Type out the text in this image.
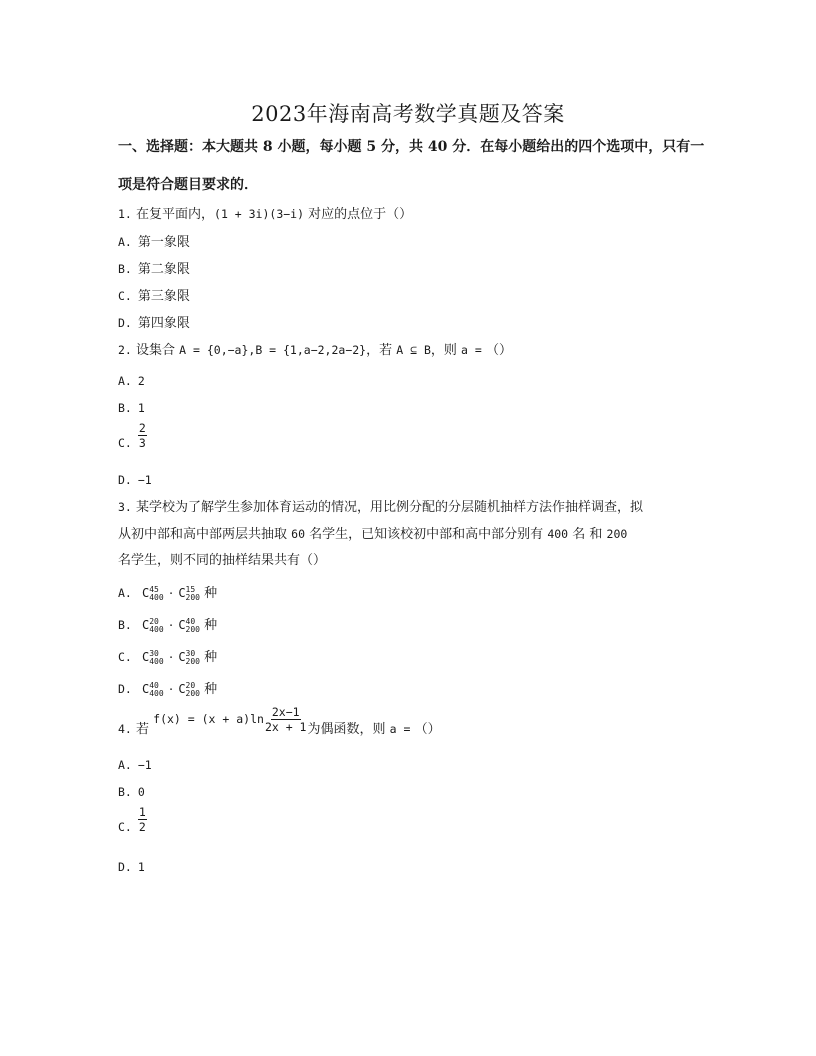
2023年海南高考数学真题及答案
一、选择题：本大题共 8 小题，每小题 5 分，共 40 分．在每小题给出的四个选项中，只有一项是符合题目要求的．
1. 在复平面内，(1 + 3i)(3−i) 对应的点位于（）
A. 第一象限
B. 第二象限
C. 第三象限
D. 第四象限
2. 设集合 A = {0,−a},B = {1,a−2,2a−2}，若 A ⊆ B，则 a = （）
A. 2
C. $\frac{2}{3}$
D. −1
3. 某学校为了解学生参加体育运动的情况，用比例分配的分层随机抽样方法作抽样调查，拟
从初中部和高中部两层共抽取 60 名学生，已知该校初中部和高中部分别有 400 名 和 200
名学生，则不同的抽样结果共有（）
A. C 45
400 · C 15
200 种
B. C 20
400 · C 40
200 种
C. C 30
400 · C 30
200 种
D. C 40
400 · C 20
200 种
4. 若 $f(x) = (x + a)\ln \frac{2x-1}{2x + 1}$ 为偶函数，则 a = （）
A. −1
B. 0
C. $\frac{1}{2}$
D. 1
B. 1
